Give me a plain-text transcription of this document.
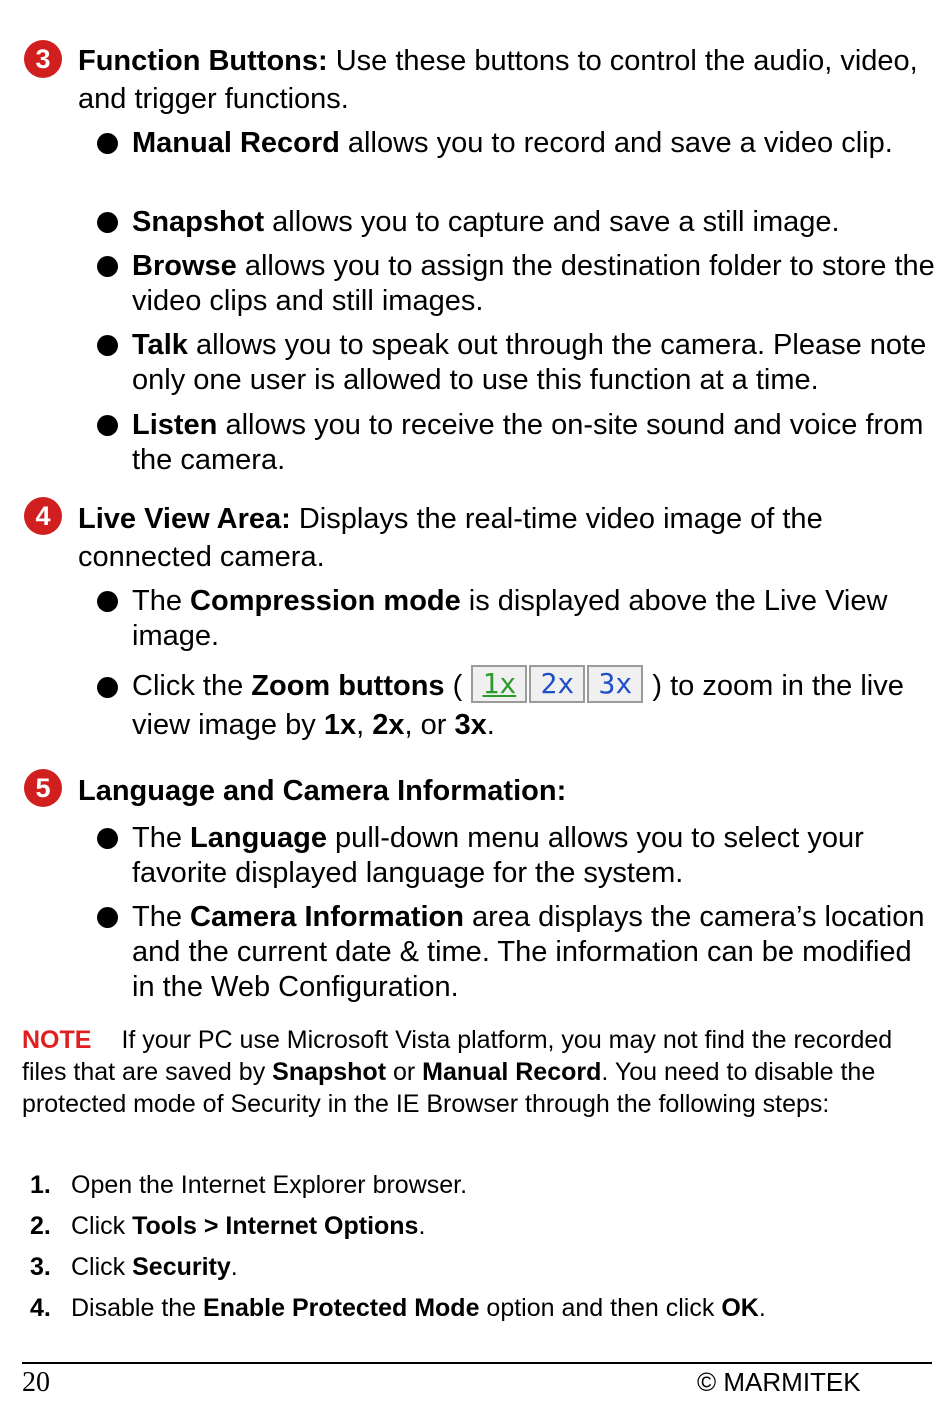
3 Function Buttons: Use these buttons to control the audio, video, and trigger functions.
Manual Record allows you to record and save a video clip.
Snapshot allows you to capture and save a still image.
Browse allows you to assign the destination folder to store the video clips and still images.
Talk allows you to speak out through the camera. Please note only one user is allowed to use this function at a time.
Listen allows you to receive the on-site sound and voice from the camera.
4 Live View Area: Displays the real-time video image of the connected camera.
The Compression mode is displayed above the Live View image.
Click the Zoom buttons ( 1x 2x 3x ) to zoom in the live view image by 1x, 2x, or 3x.
5 Language and Camera Information:
The Language pull-down menu allows you to select your favorite displayed language for the system.
The Camera Information area displays the camera’s location and the current date & time. The information can be modified in the Web Configuration.
NOTE If your PC use Microsoft Vista platform, you may not find the recorded files that are saved by Snapshot or Manual Record. You need to disable the protected mode of Security in the IE Browser through the following steps:
1. Open the Internet Explorer browser.
2. Click Tools > Internet Options.
3. Click Security.
4. Disable the Enable Protected Mode option and then click OK.
20	© MARMITEK
